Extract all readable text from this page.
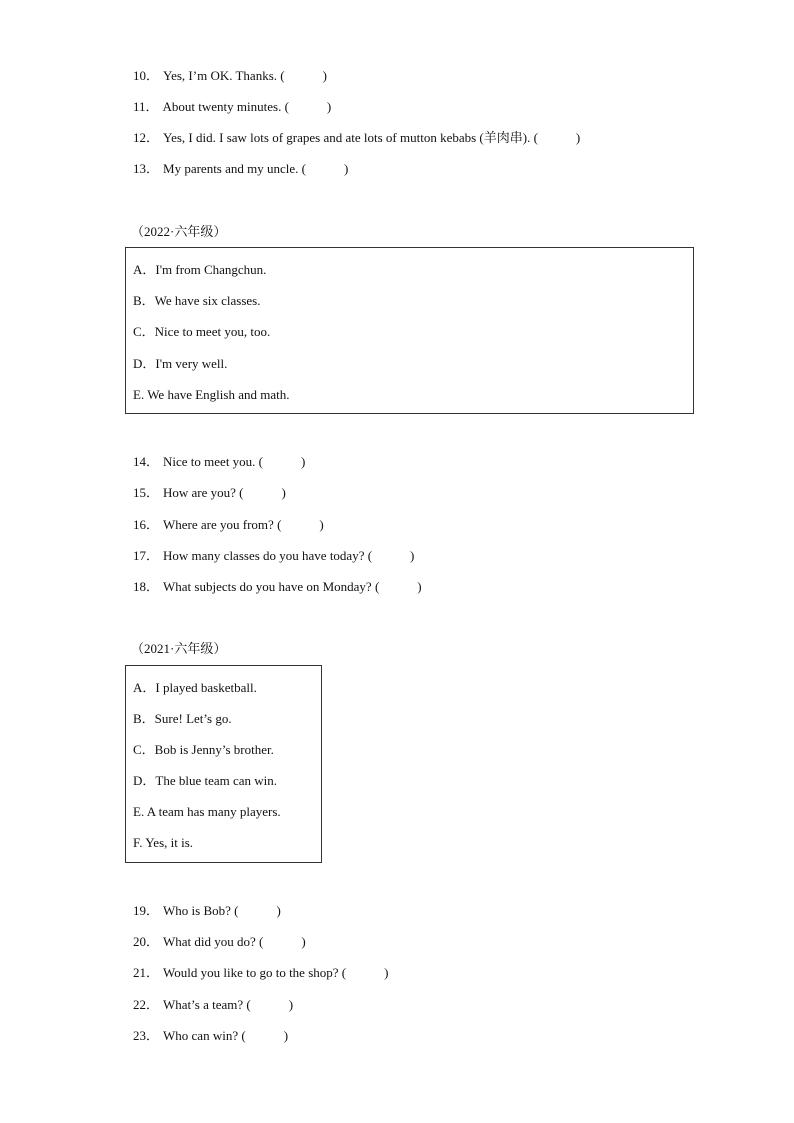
10． Yes, I’m OK. Thanks. (	)
11． About twenty minutes. (	)
12． Yes, I did. I saw lots of grapes and ate lots of mutton kebabs (羊肉串). (	)
13． My parents and my uncle. (	)
（2022·六年级）
A．I'm from Changchun.
B．We have six classes.
C．Nice to meet you, too.
D．I'm very well.
E. We have English and math.
14． Nice to meet you. (	)
15． How are you? (	)
16． Where are you from? (	)
17． How many classes do you have today? (	)
18． What subjects do you have on Monday? (	)
（2021·六年级）
A．I played basketball.
B．Sure! Let’s go.
C．Bob is Jenny’s brother.
D．The blue team can win.
E. A team has many players.
F. Yes, it is.
19． Who is Bob? (	)
20． What did you do? (	)
21． Would you like to go to the shop? (	)
22． What’s a team? (	)
23． Who can win? (	)
